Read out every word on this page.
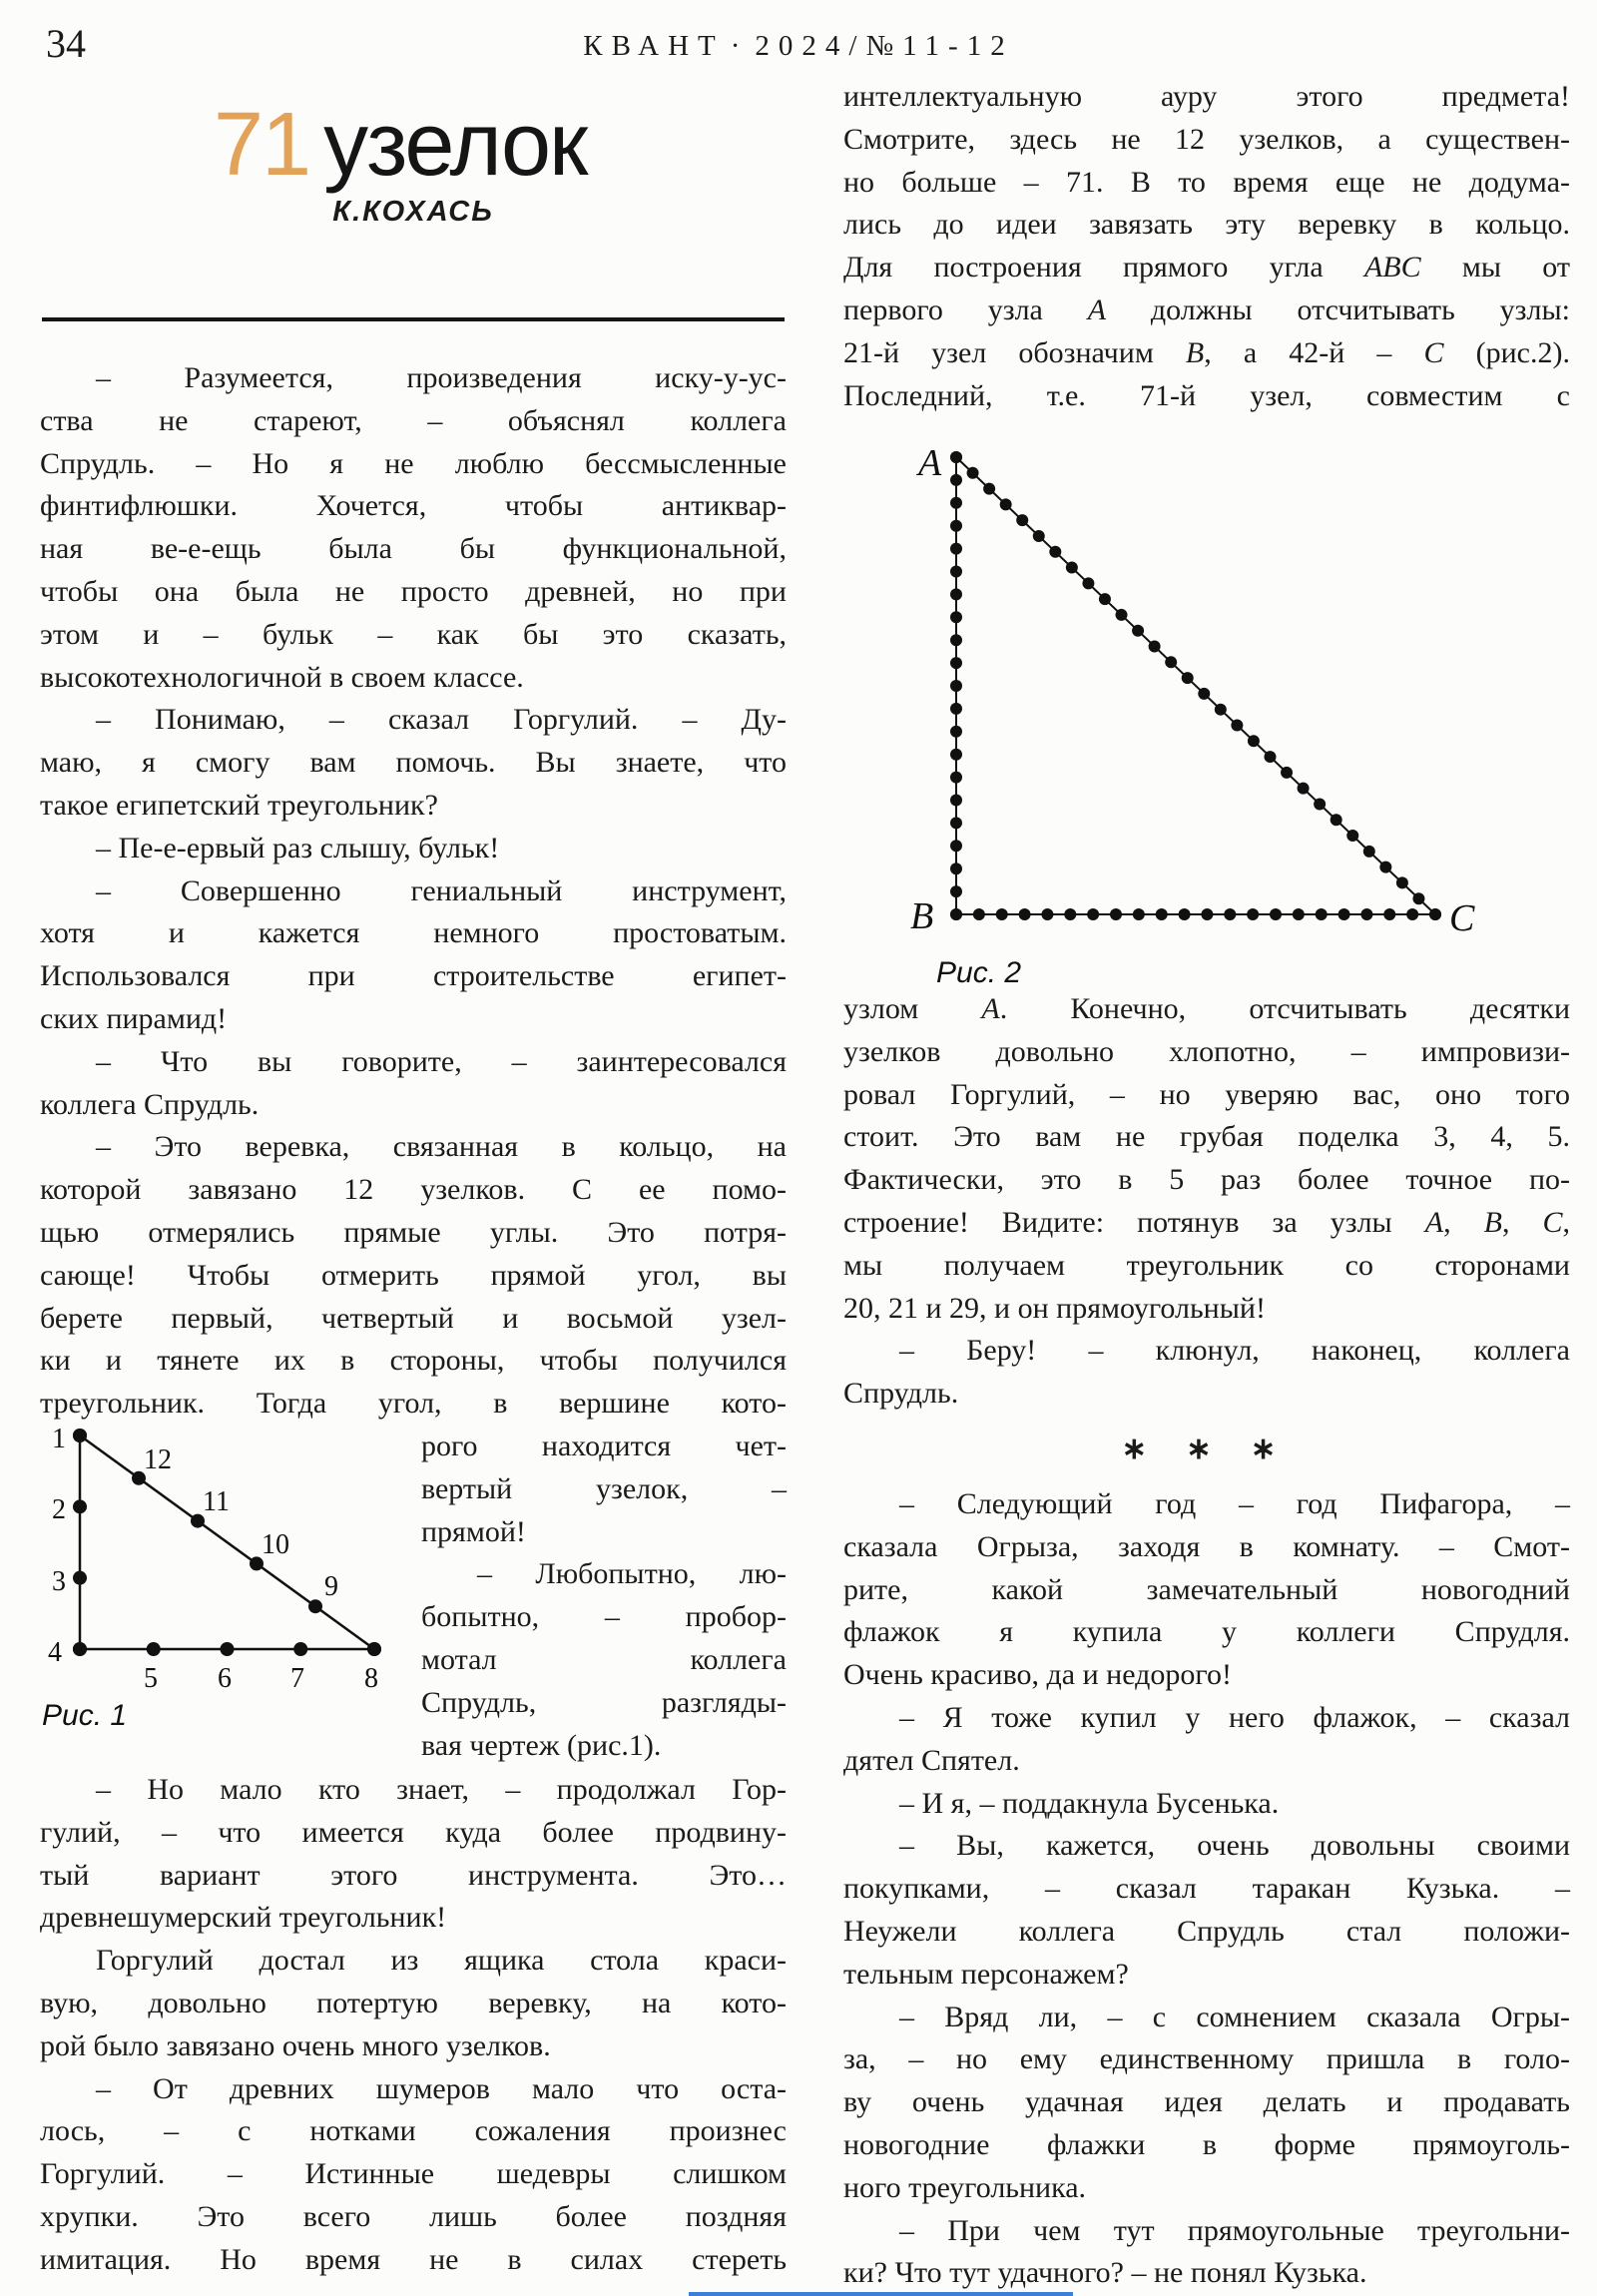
34	КВАНТ · 2024/№11-12
71 узелок
К.КОХАСЬ
– Разумеется, произведения иску-у-ус-
ства не стареют, – объяснял коллега
Спрудль. – Но я не люблю бессмысленные
финтифлюшки. Хочется, чтобы антиквар-
ная ве-е-ещь была бы функциональной,
чтобы она была не просто древней, но при
этом и – бульк – как бы это сказать,
высокотехнологичной в своем классе.
– Понимаю, – сказал Горгулий. – Ду-
маю, я смогу вам помочь. Вы знаете, что
такое египетский треугольник?
– Пе-е-ервый раз слышу, бульк!
– Совершенно гениальный инструмент,
хотя и кажется немного простоватым.
Использовался при строительстве египет-
ских пирамид!
– Что вы говорите, – заинтересовался
коллега Спрудль.
– Это веревка, связанная в кольцо, на
которой завязано 12 узелков. С ее помо-
щью отмерялись прямые углы. Это потря-
сающе! Чтобы отмерить прямой угол, вы
берете первый, четвертый и восьмой узел-
ки и тянете их в стороны, чтобы получился
треугольник. Тогда угол, в вершине кото-
1
2
3
4
5 6 7 8
9
10
11
12
Рис. 1
рого находится чет-
вертый узелок, –
прямой!
– Любопытно, лю-
бопытно, – пробор-
мотал коллега
Спрудль, разгляды-
вая чертеж (рис.1).
– Но мало кто знает, – продолжал Гор-
гулий, – что имеется куда более продвину-
тый вариант этого инструмента. Это…
древнешумерский треугольник!
Горгулий достал из ящика стола краси-
вую, довольно потертую веревку, на кото-
рой было завязано очень много узелков.
– От древних шумеров мало что оста-
лось, – с нотками сожаления произнес
Горгулий. – Истинные шедевры слишком
хрупки. Это всего лишь более поздняя
имитация. Но время не в силах стереть
интеллектуальную ауру этого предмета!
Смотрите, здесь не 12 узелков, а существен-
но больше – 71. В то время еще не додума-
лись до идеи завязать эту веревку в кольцо.
Для построения прямого угла ABC мы от
первого узла A должны отсчитывать узлы:
21-й узел обозначим B, а 42-й – C (рис.2).
Последний, т.е. 71-й узел, совместим с
A
B	C
Рис. 2
узлом A. Конечно, отсчитывать десятки
узелков довольно хлопотно, – импровизи-
ровал Горгулий, – но уверяю вас, оно того
стоит. Это вам не грубая поделка 3, 4, 5.
Фактически, это в 5 раз более точное по-
строение! Видите: потянув за узлы A, B, C,
мы получаем треугольник со сторонами
20, 21 и 29, и он прямоугольный!
– Беру! – клюнул, наконец, коллега
Спрудль.
∗ ∗ ∗
– Следующий год – год Пифагора, –
сказала Огрыза, заходя в комнату. – Смот-
рите, какой замечательный новогодний
флажок я купила у коллеги Спрудля.
Очень красиво, да и недорого!
– Я тоже купил у него флажок, – сказал
дятел Спятел.
– И я, – поддакнула Бусенька.
– Вы, кажется, очень довольны своими
покупками, – сказал таракан Кузька. –
Неужели коллега Спрудль стал положи-
тельным персонажем?
– Вряд ли, – с сомнением сказала Огры-
за, – но ему единственному пришла в голо-
ву очень удачная идея делать и продавать
новогодние флажки в форме прямоуголь-
ного треугольника.
– При чем тут прямоугольные треугольни-
ки? Что тут удачного? – не понял Кузька.
